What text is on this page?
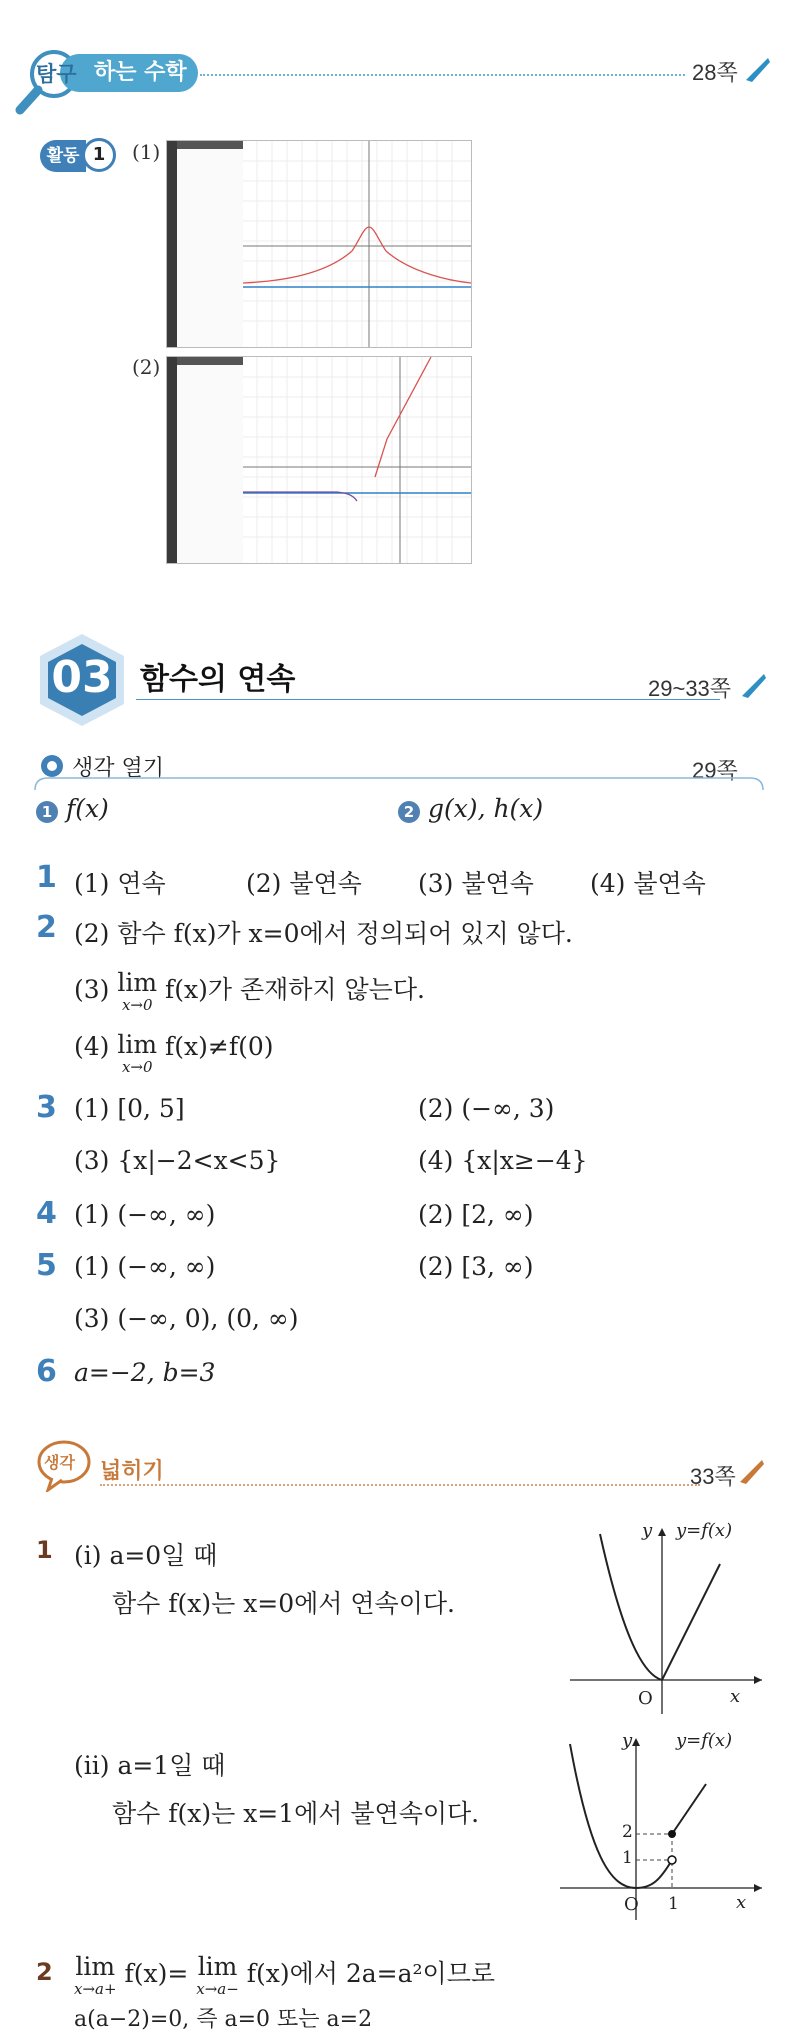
하는 수학
탐구	28쪽
활동 1	(1)
(2)
03 함수의 연속	29~33쪽
생각 열기	29쪽
1 f(x)	2 g(x), h(x)
1 (1) 연속	(2) 불연속 (3) 불연속 (4) 불연속
2 (2) 함수 f(x)가 x=0에서 정의되어 있지 않다.
(3) lim
x→0
f(x)가 존재하지 않는다.
(4) lim
x→0
f(x)≠f(0)
3 (1) [0, 5]	(2) (−∞, 3)
(3) {x|−2<x<5}	(4) {x|x≥−4}
4 (1) (−∞, ∞)	(2) [2, ∞)
5 (1) (−∞, ∞)	(2) [3, ∞)
(3) (−∞, 0), (0, ∞)
6 a=−2, b=3
생각 넓히기	33쪽
1 (i) a=0일 때
함수 f(x)는 x=0에서 연속이다.
y y=f(x)
O	x
(ii) a=1일 때
함수 f(x)는 x=1에서 불연속이다.
y y=f(x)
2
1
O 1	x
2 lim
x→a+
f(x)= lim
x→a−
f(x)에서 2a=a²이므로
a(a−2)=0, 즉 a=0 또는 a=2
